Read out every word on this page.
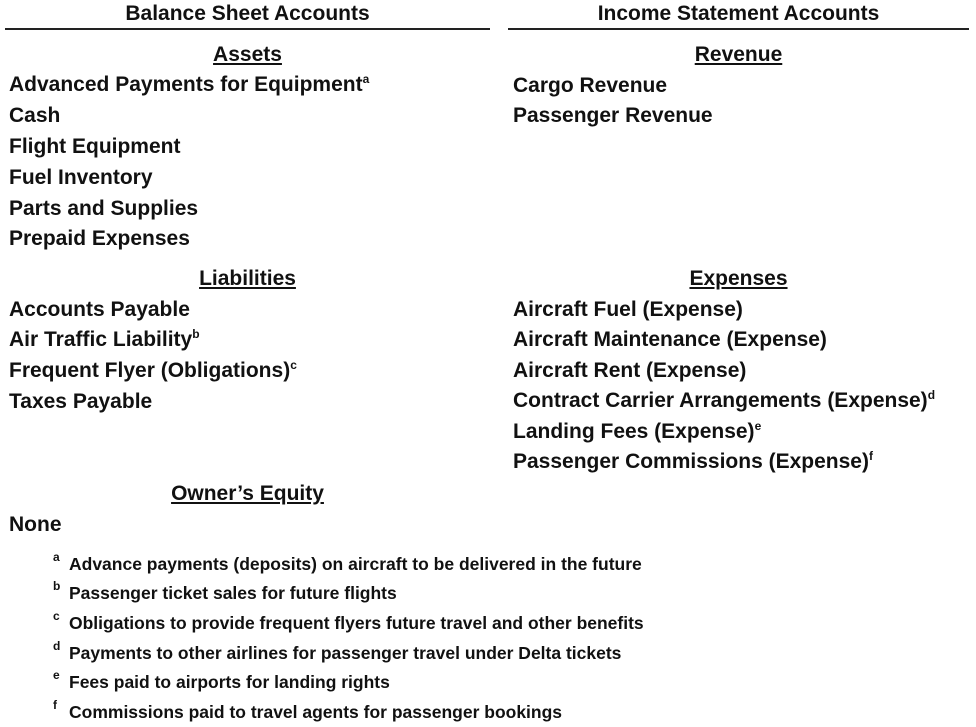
Balance Sheet Accounts	Income Statement Accounts
Assets
Advanced Payments for Equipment$^a$
Cash
Flight Equipment
Fuel Inventory
Parts and Supplies
Prepaid Expenses
Liabilities
Accounts Payable
Air Traffic Liability$^b$
Frequent Flyer (Obligations)$^c$
Taxes Payable
Owner’s Equity
None
Revenue
Cargo Revenue
Passenger Revenue
Expenses
Aircraft Fuel (Expense)
Aircraft Maintenance (Expense)
Aircraft Rent (Expense)
Contract Carrier Arrangements (Expense)$^d$
Landing Fees (Expense)$^e$
Passenger Commissions (Expense)$^f$
a Advance payments (deposits) on aircraft to be delivered in the future
b Passenger ticket sales for future flights
c Obligations to provide frequent flyers future travel and other benefits
d Payments to other airlines for passenger travel under Delta tickets
e Fees paid to airports for landing rights
f Commissions paid to travel agents for passenger bookings
